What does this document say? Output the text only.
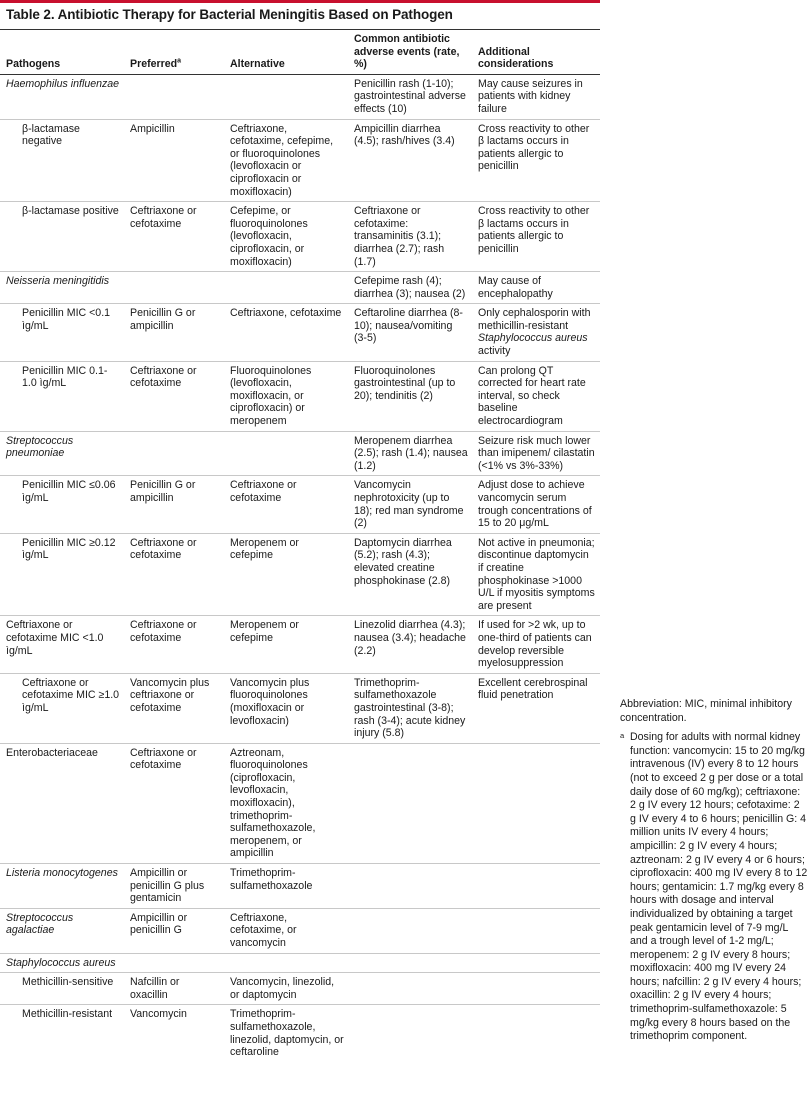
Table 2. Antibiotic Therapy for Bacterial Meningitis Based on Pathogen
Pathogens	Preferred$^a$	Alternative	Common antibiotic adverse events (rate, %)	Additional considerations
Haemophilus influenzae			Penicillin rash (1-10); gastrointestinal adverse effects (10)	May cause seizures in patients with kidney failure
β-lactamase negative	Ampicillin	Ceftriaxone, cefotaxime, cefepime, or fluoroquinolones (levofloxacin or ciprofloxacin or moxifloxacin)	Ampicillin diarrhea (4.5); rash/hives (3.4)	Cross reactivity to other β lactams occurs in patients allergic to penicillin
β-lactamase positive	Ceftriaxone or cefotaxime	Cefepime, or fluoroquinolones (levofloxacin, ciprofloxacin, or moxifloxacin)	Ceftriaxone or cefotaxime: transaminitis (3.1); diarrhea (2.7); rash (1.7)	Cross reactivity to other β lactams occurs in patients allergic to penicillin
Neisseria meningitidis			Cefepime rash (4); diarrhea (3); nausea (2)	May cause of encephalopathy
Penicillin MIC <0.1 ìg/mL	Penicillin G or ampicillin	Ceftriaxone, cefotaxime	Ceftaroline diarrhea (8-10); nausea/vomiting (3-5)	Only cephalosporin with methicillin-resistant Staphylococcus aureus activity
Penicillin MIC 0.1-1.0 ìg/mL	Ceftriaxone or cefotaxime	Fluoroquinolones (levofloxacin, moxifloxacin, or ciprofloxacin) or meropenem	Fluoroquinolones gastrointestinal (up to 20); tendinitis (2)	Can prolong QT corrected for heart rate interval, so check baseline electrocardiogram
Streptococcus pneumoniae			Meropenem diarrhea (2.5); rash (1.4); nausea (1.2)	Seizure risk much lower than imipenem/ cilastatin (<1% vs 3%-33%)
Penicillin MIC ≤0.06 ìg/mL	Penicillin G or ampicillin	Ceftriaxone or cefotaxime	Vancomycin nephrotoxicity (up to 18); red man syndrome (2)	Adjust dose to achieve vancomycin serum trough concentrations of 15 to 20 μg/mL
Penicillin MIC ≥0.12 ìg/mL	Ceftriaxone or cefotaxime	Meropenem or cefepime	Daptomycin diarrhea (5.2); rash (4.3); elevated creatine phosphokinase (2.8)	Not active in pneumonia; discontinue daptomycin if creatine phosphokinase >1000 U/L if myositis symptoms are present
Ceftriaxone or cefotaxime MIC <1.0 ìg/mL	Ceftriaxone or cefotaxime	Meropenem or cefepime	Linezolid diarrhea (4.3); nausea (3.4); headache (2.2)	If used for >2 wk, up to one-third of patients can develop reversible myelosuppression
Ceftriaxone or cefotaxime MIC ≥1.0 ìg/mL	Vancomycin plus ceftriaxone or cefotaxime	Vancomycin plus fluoroquinolones (moxifloxacin or levofloxacin)	Trimethoprim-sulfamethoxazole gastrointestinal (3-8); rash (3-4); acute kidney injury (5.8)	Excellent cerebrospinal fluid penetration
Enterobacteriaceae	Ceftriaxone or cefotaxime	Aztreonam, fluoroquinolones (ciprofloxacin, levofloxacin, moxifloxacin), trimethoprim-sulfamethoxazole, meropenem, or ampicillin		
Listeria monocytogenes	Ampicillin or penicillin G plus gentamicin	Trimethoprim-sulfamethoxazole		
Streptococcus agalactiae	Ampicillin or penicillin G	Ceftriaxone, cefotaxime, or vancomycin		
Staphylococcus aureus				
Methicillin-sensitive	Nafcillin or oxacillin	Vancomycin, linezolid, or daptomycin		
Methicillin-resistant	Vancomycin	Trimethoprim-sulfamethoxazole, linezolid, daptomycin, or ceftaroline		

Abbreviation: MIC, minimal inhibitory concentration.

a Dosing for adults with normal kidney function: vancomycin: 15 to 20 mg/kg intravenous (IV) every 8 to 12 hours (not to exceed 2 g per dose or a total daily dose of 60 mg/kg); ceftriaxone: 2 g IV every 12 hours; cefotaxime: 2 g IV every 4 to 6 hours; penicillin G: 4 million units IV every 4 hours; ampicillin: 2 g IV every 4 hours; aztreonam: 2 g IV every 4 or 6 hours; ciprofloxacin: 400 mg IV every 8 to 12 hours; gentamicin: 1.7 mg/kg every 8 hours with dosage and interval individualized by obtaining a target peak gentamicin level of 7-9 mg/L and a trough level of 1-2 mg/L; meropenem: 2 g IV every 8 hours; moxifloxacin: 400 mg IV every 24 hours; nafcillin: 2 g IV every 4 hours; oxacillin: 2 g IV every 4 hours; trimethoprim-sulfamethoxazole: 5 mg/kg every 8 hours based on the trimethoprim component.
